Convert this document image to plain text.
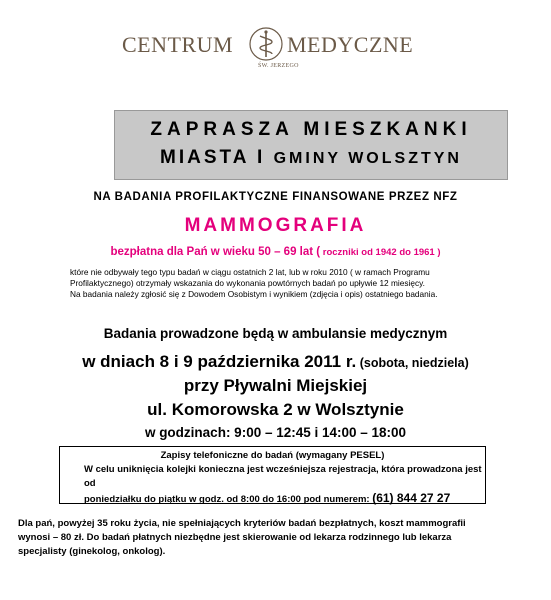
CENTRUM MEDYCZNE
ŚW. JERZEGO
ZAPRASZA MIESZKANKI
MIASTA I GMINY WOLSZTYN
NA BADANIA PROFILAKTYCZNE FINANSOWANE PRZEZ NFZ
MAMMOGRAFIA
bezpłatna dla Pań w wieku 50 – 69 lat ( roczniki od 1942 do 1961 )
które nie odbywały tego typu badań w ciągu ostatnich 2 lat, lub w roku 2010 ( w ramach Programu
Profilaktycznego) otrzymały wskazania do wykonania powtórnych badań po upływie 12 miesięcy.
Na badania należy zgłosić się z Dowodem Osobistym i wynikiem (zdjęcia i opis) ostatniego badania.
Badania prowadzone będą w ambulansie medycznym
w dniach 8 i 9 października 2011 r. (sobota, niedziela)
przy Pływalni Miejskiej
ul. Komorowska 2 w Wolsztynie
w godzinach: 9:00 – 12:45 i 14:00 – 18:00
Zapisy telefoniczne do badań (wymagany PESEL)
W celu uniknięcia kolejki konieczna jest wcześniejsza rejestracja, która prowadzona jest od
poniedziałku do piątku w godz. od 8:00 do 16:00 pod numerem: (61) 844 27 27
Dla pań, powyżej 35 roku życia, nie spełniających kryteriów badań bezpłatnych, koszt mammografii
wynosi – 80 zł. Do badań płatnych niezbędne jest skierowanie od lekarza rodzinnego lub lekarza
specjalisty (ginekolog, onkolog).
